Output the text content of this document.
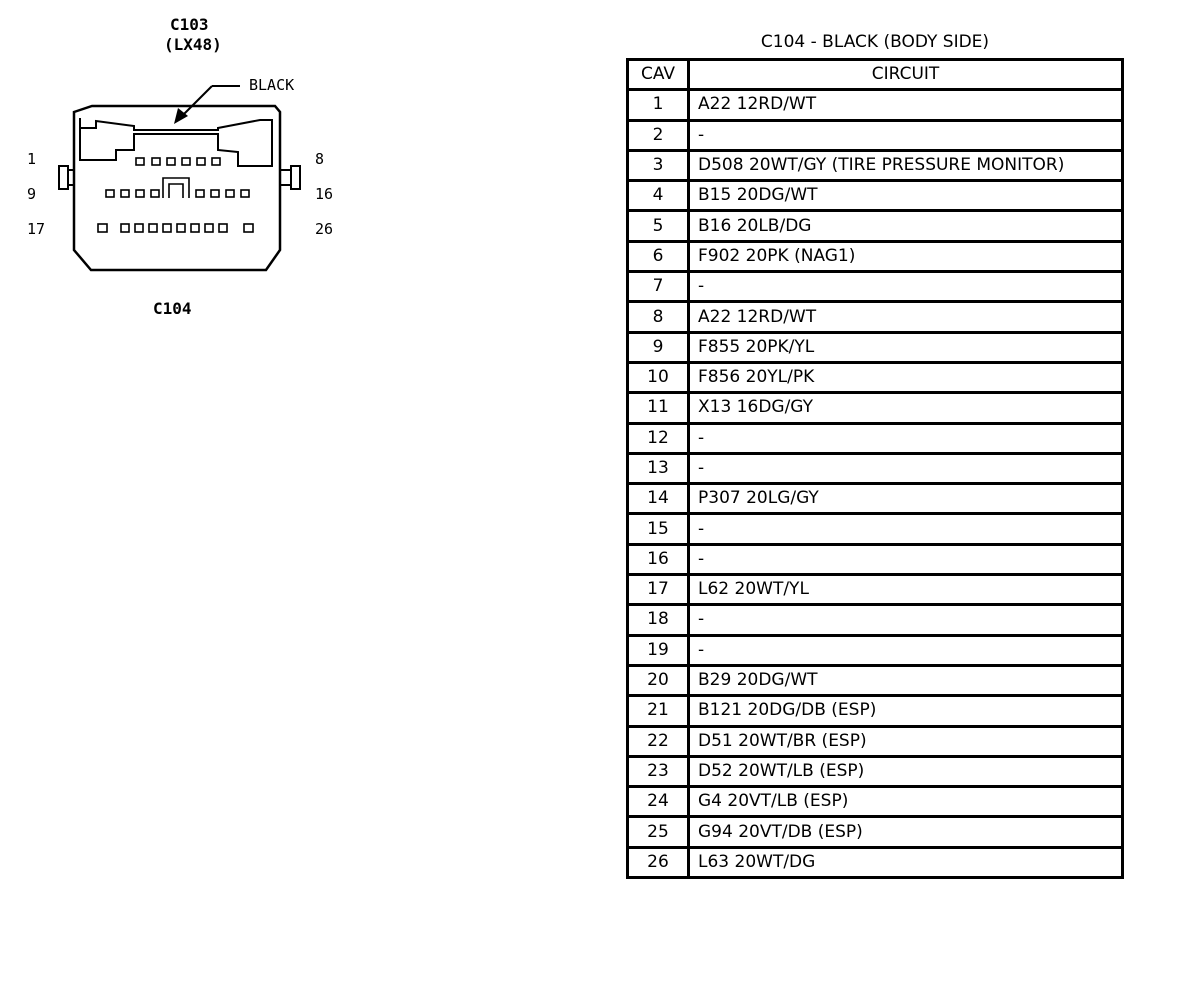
C103
(LX48)
BLACK
C104
1	8
9	16
17	26
C104 - BLACK (BODY SIDE)
CAV	CIRCUIT
1	A22 12RD/WT
2	-
3	D508 20WT/GY (TIRE PRESSURE MONITOR)
4	B15 20DG/WT
5	B16 20LB/DG
6	F902 20PK (NAG1)
7	-
8	A22 12RD/WT
9	F855 20PK/YL
10	F856 20YL/PK
11	X13 16DG/GY
12	-
13	-
14	P307 20LG/GY
15	-
16	-
17	L62 20WT/YL
18	-
19	-
20	B29 20DG/WT
21	B121 20DG/DB (ESP)
22	D51 20WT/BR (ESP)
23	D52 20WT/LB (ESP)
24	G4 20VT/LB (ESP)
25	G94 20VT/DB (ESP)
26	L63 20WT/DG
